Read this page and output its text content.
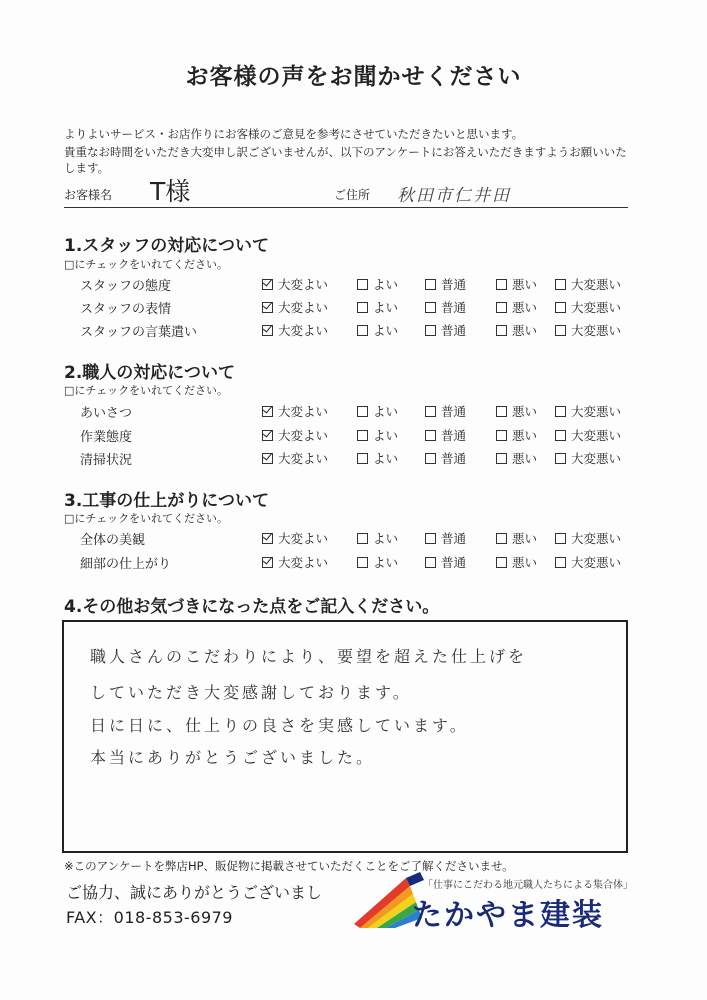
お客様の声をお聞かせください
よりよいサービス・お店作りにお客様のご意見を参考にさせていただきたいと思います。
貴重なお時間をいただき大変申し訳ございませんが、以下のアンケートにお答えいただきますようお願いいたします。
お客様名 T様	ご住所 秋田市仁井田
1.スタッフの対応について
□にチェックをいれてください。
スタッフの態度	大変よい	よい	普通	悪い	大変悪い
スタッフの表情	大変よい	よい	普通	悪い	大変悪い
スタッフの言葉遣い	大変よい	よい	普通	悪い	大変悪い
2.職人の対応について
□にチェックをいれてください。
あいさつ	大変よい	よい	普通	悪い	大変悪い
作業態度	大変よい	よい	普通	悪い	大変悪い
清掃状況	大変よい	よい	普通	悪い	大変悪い
3.工事の仕上がりについて
□にチェックをいれてください。
全体の美観	大変よい	よい	普通	悪い	大変悪い
細部の仕上がり	大変よい	よい	普通	悪い	大変悪い
4.その他お気づきになった点をご記入ください。
職人さんのこだわりにより、要望を超えた仕上げを
していただき大変感謝しております。
日に日に、仕上りの良さを実感しています。
本当にありがとうございました。
※このアンケートを弊店HP、販促物に掲載させていただくことをご了解くださいませ。
ご協力、誠にありがとうございまし
FAX：018-853-6979
「仕事にこだわる地元職人たちによる集合体」
たかやま建装
